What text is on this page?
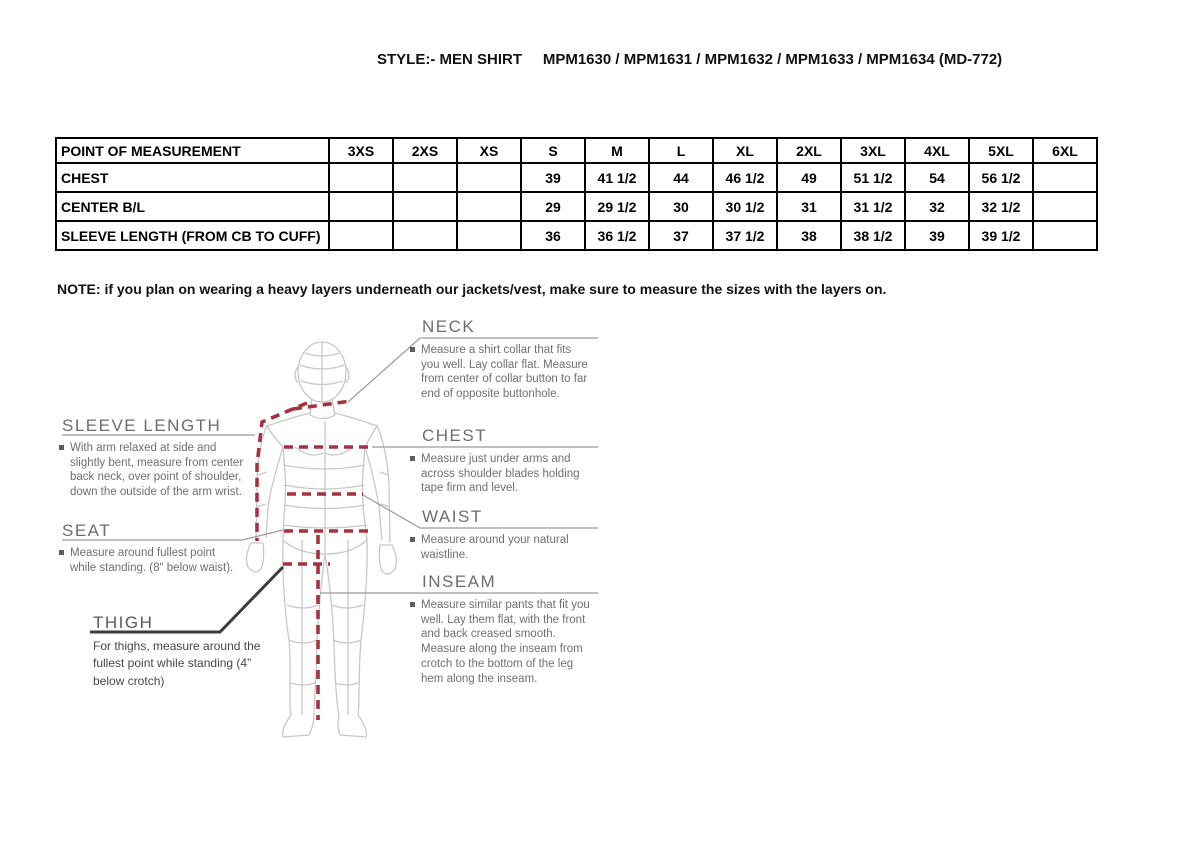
STYLE:- MEN SHIRT     MPM1630 / MPM1631 / MPM1632 / MPM1633 / MPM1634 (MD-772)
POINT OF MEASUREMENT	3XS	2XS	XS	S	M	L	XL	2XL	3XL	4XL	5XL	6XL
CHEST				39	41 1/2	44	46 1/2	49	51 1/2	54	56 1/2	
CENTER B/L				29	29 1/2	30	30 1/2	31	31 1/2	32	32 1/2	
SLEEVE LENGTH (FROM CB TO CUFF)				36	36 1/2	37	37 1/2	38	38 1/2	39	39 1/2	
NOTE: if you plan on wearing a heavy layers underneath our jackets/vest, make sure to measure the sizes with the layers on.
NECK
Measure a shirt collar that fits you well. Lay collar flat. Measure from center of collar button to far end of opposite buttonhole.
CHEST
Measure just under arms and across shoulder blades holding tape firm and level.
WAIST
Measure around your natural waistline.
INSEAM
Measure similar pants that fit you well. Lay them flat, with the front and back creased smooth. Measure along the inseam from crotch to the bottom of the leg hem along the inseam.
SLEEVE LENGTH
With arm relaxed at side and slightly bent, measure from center back neck, over point of shoulder, down the outside of the arm wrist.
SEAT
Measure around fullest point while standing. (8" below waist).
THIGH
For thighs, measure around the fullest point while standing (4” below crotch)
